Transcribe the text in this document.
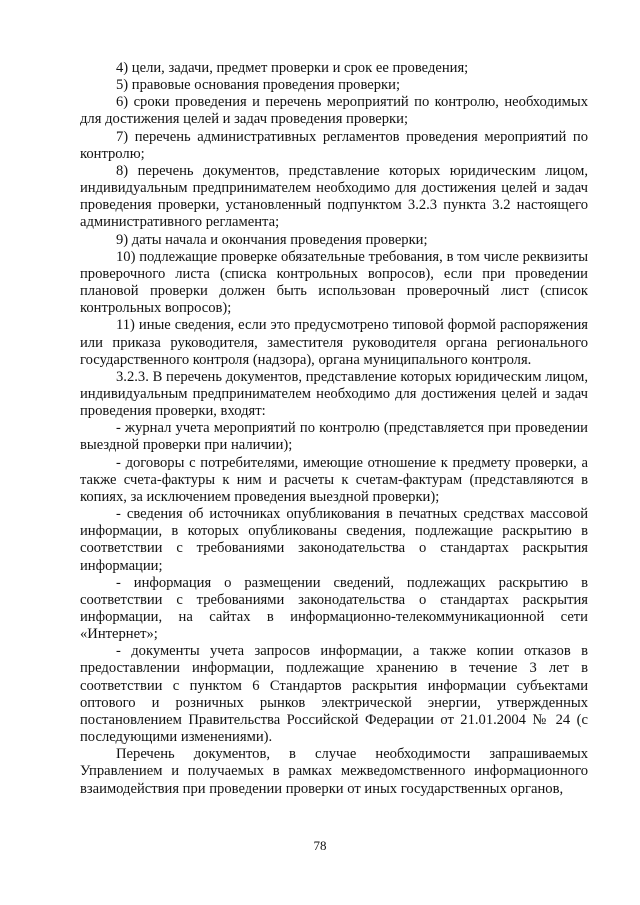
4) цели, задачи, предмет проверки и срок ее проведения;

5) правовые основания проведения проверки;

6) сроки проведения и перечень мероприятий по контролю, необходимых для достижения целей и задач проведения проверки;

7) перечень административных регламентов проведения мероприятий по контролю;

8) перечень документов, представление которых юридическим лицом, индивидуальным предпринимателем необходимо для достижения целей и задач проведения проверки, установленный подпунктом 3.2.3 пункта 3.2 настоящего административного регламента;

9) даты начала и окончания проведения проверки;

10) подлежащие проверке обязательные требования, в том числе реквизиты проверочного листа (списка контрольных вопросов), если при проведении плановой проверки должен быть использован проверочный лист (список контрольных вопросов);

11) иные сведения, если это предусмотрено типовой формой распоряжения или приказа руководителя, заместителя руководителя органа регионального государственного контроля (надзора), органа муниципального контроля.

3.2.3. В перечень документов, представление которых юридическим лицом, индивидуальным предпринимателем необходимо для достижения целей и задач проведения проверки, входят:

- журнал учета мероприятий по контролю (представляется при проведении выездной проверки при наличии);

- договоры с потребителями, имеющие отношение к предмету проверки, а также счета-фактуры к ним и расчеты к счетам-фактурам (представляются в копиях, за исключением проведения выездной проверки);

- сведения об источниках опубликования в печатных средствах массовой информации, в которых опубликованы сведения, подлежащие раскрытию в соответствии с требованиями законодательства о стандартах раскрытия информации;

- информация о размещении сведений, подлежащих раскрытию в соответствии с требованиями законодательства о стандартах раскрытия информации, на сайтах в информационно-телекоммуникационной сети «Интернет»;

- документы учета запросов информации, а также копии отказов в предоставлении информации, подлежащие хранению в течение 3 лет в соответствии с пунктом 6 Стандартов раскрытия информации субъектами оптового и розничных рынков электрической энергии, утвержденных постановлением Правительства Российской Федерации от 21.01.2004 № 24 (с последующими изменениями).

Перечень документов, в случае необходимости запрашиваемых Управлением и получаемых в рамках межведомственного информационного взаимодействия при проведении проверки от иных государственных органов,

78
